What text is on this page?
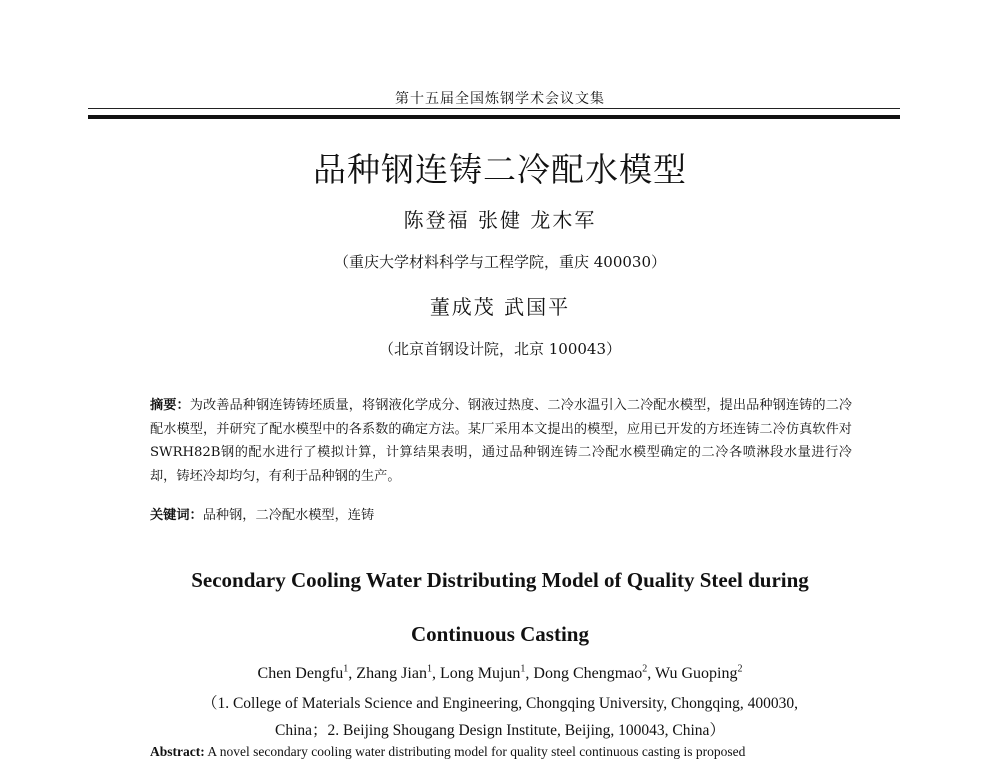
第十五届全国炼钢学术会议文集
品种钢连铸二冷配水模型
陈登福 张健 龙木军
（重庆大学材料科学与工程学院，重庆 400030）
董成茂 武国平
（北京首钢设计院，北京 100043）
摘要：为改善品种钢连铸铸坯质量，将钢液化学成分、钢液过热度、二冷水温引入二冷配水模型，提出品种钢连铸的二冷配水模型，并研究了配水模型中的各系数的确定方法。某厂采用本文提出的模型，应用已开发的方坯连铸二冷仿真软件对SWRH82B钢的配水进行了模拟计算，计算结果表明，通过品种钢连铸二冷配水模型确定的二冷各喷淋段水量进行冷却，铸坯冷却均匀，有利于品种钢的生产。
关键词：品种钢，二冷配水模型，连铸
Secondary Cooling Water Distributing Model of Quality Steel during
Continuous Casting
Chen Dengfu$^1$, Zhang Jian$^1$, Long Mujun$^1$, Dong Chengmao$^2$, Wu Guoping$^2$
（1. College of Materials Science and Engineering, Chongqing University, Chongqing, 400030,
China；2. Beijing Shougang Design Institute, Beijing, 100043, China）
Abstract: A novel secondary cooling water distributing model for quality steel continuous casting is proposed
